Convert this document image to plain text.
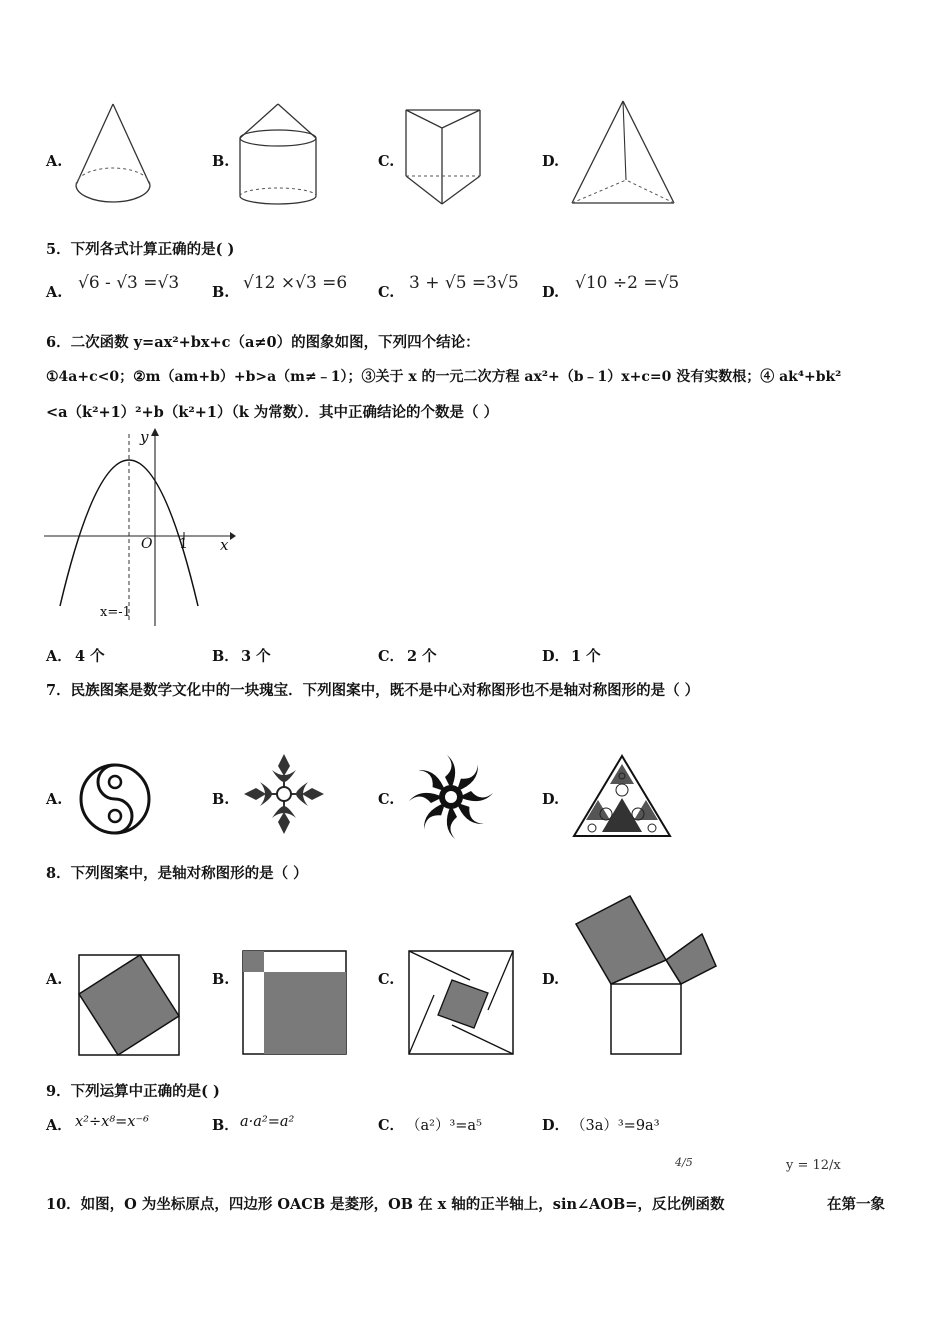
A.	B.	C.	D.
5．下列各式计算正确的是( )
A. √6 - √3 =√3 B. √12 ×√3 =6 C. 3 + √5 =3√5 D. √10 ÷2 =√5
6．二次函数 y=ax²+bx+c（a≠0）的图象如图，下列四个结论：
①4a+c<0；②m（am+b）+b>a（m≠﹣1）；③关于 x 的一元二次方程 ax²+（b﹣1）x+c=0 没有实数根；④ ak⁴+bk²
<a（k²+1）²+b（k²+1）（k 为常数）．其中正确结论的个数是（ ）
y
x
O 1
x=-1
A． 4 个	B． 3 个	C． 2 个	D． 1 个
7．民族图案是数学文化中的一块瑰宝．下列图案中，既不是中心对称图形也不是轴对称图形的是（ ）
A.	B.	C.	D.
8．下列图案中，是轴对称图形的是（ ）
A.	B.	C.	D.
9．下列运算中正确的是( )
A． x²÷x⁸=x⁻⁶	B． a·a²=a²	C． （a²）³=a⁵	D． （3a）³=9a³
4/5	y = 12/x
10．如图，O 为坐标原点，四边形 OACB 是菱形，OB 在 x 轴的正半轴上，sin∠AOB=，反比例函数	在第一象
